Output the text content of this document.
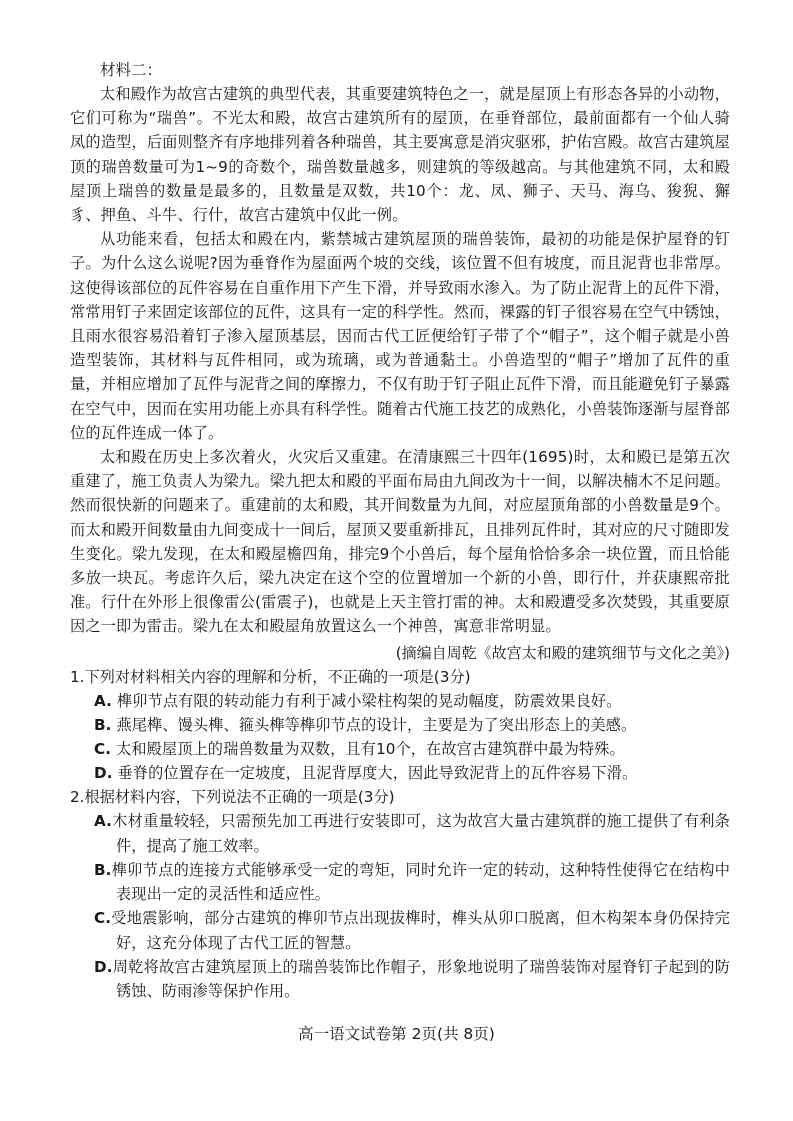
材料二：

太和殿作为故宫古建筑的典型代表，其重要建筑特色之一，就是屋顶上有形态各异的小动物，它们可称为“瑞兽”。不光太和殿，故宫古建筑所有的屋顶，在垂脊部位，最前面都有一个仙人骑凤的造型，后面则整齐有序地排列着各种瑞兽，其主要寓意是消灾驱邪，护佑宫殿。故宫古建筑屋顶的瑞兽数量可为1~9的奇数个，瑞兽数量越多，则建筑的等级越高。与其他建筑不同，太和殿屋顶上瑞兽的数量是最多的，且数量是双数，共10个：龙、凤、狮子、天马、海乌、狻猊、獬豸、押鱼、斗牛、行什，故宫古建筑中仅此一例。

从功能来看，包括太和殿在内，紫禁城古建筑屋顶的瑞兽装饰，最初的功能是保护屋脊的钉子。为什么这么说呢?因为垂脊作为屋面两个坡的交线，该位置不但有坡度，而且泥背也非常厚。这使得该部位的瓦件容易在自重作用下产生下滑，并导致雨水渗入。为了防止泥背上的瓦件下滑，常常用钉子来固定该部位的瓦件，这具有一定的科学性。然而，裸露的钉子很容易在空气中锈蚀，且雨水很容易沿着钉子渗入屋顶基层，因而古代工匠便给钉子带了个“帽子”，这个帽子就是小兽造型装饰，其材料与瓦件相同，或为琉璃，或为普通黏土。小兽造型的“帽子”增加了瓦件的重量，并相应增加了瓦件与泥背之间的摩擦力，不仅有助于钉子阻止瓦件下滑，而且能避免钉子暴露在空气中，因而在实用功能上亦具有科学性。随着古代施工技艺的成熟化，小兽装饰逐渐与屋脊部位的瓦件连成一体了。

太和殿在历史上多次着火，火灾后又重建。在清康熙三十四年(1695)时，太和殿已是第五次重建了，施工负责人为梁九。梁九把太和殿的平面布局由九间改为十一间，以解决楠木不足问题。然而很快新的问题来了。重建前的太和殿，其开间数量为九间，对应屋顶角部的小兽数量是9个。而太和殿开间数量由九间变成十一间后，屋顶又要重新排瓦，且排列瓦件时，其对应的尺寸随即发生变化。梁九发现，在太和殿屋檐四角，排完9个小兽后，每个屋角恰恰多余一块位置，而且恰能多放一块瓦。考虑许久后，梁九决定在这个空的位置增加一个新的小兽，即行什，并获康熙帝批准。行什在外形上很像雷公(雷震子)，也就是上天主管打雷的神。太和殿遭受多次焚毁，其重要原因之一即为雷击。梁九在太和殿屋角放置这么一个神兽，寓意非常明显。

(摘编自周乾《故宫太和殿的建筑细节与文化之美》)

1.下列对材料相关内容的理解和分析，不正确的一项是(3分)

A. 榫卯节点有限的转动能力有利于减小梁柱构架的晃动幅度，防震效果良好。

B. 燕尾榫、馒头榫、箍头榫等榫卯节点的设计，主要是为了突出形态上的美感。

C. 太和殿屋顶上的瑞兽数量为双数，且有10个，在故宫古建筑群中最为特殊。

D. 垂脊的位置存在一定坡度，且泥背厚度大，因此导致泥背上的瓦件容易下滑。

2.根据材料内容，下列说法不正确的一项是(3分)

A.木材重量较轻，只需预先加工再进行安装即可，这为故宫大量古建筑群的施工提供了有利条件，提高了施工效率。

B.榫卯节点的连接方式能够承受一定的弯矩，同时允许一定的转动，这种特性使得它在结构中表现出一定的灵活性和适应性。

C.受地震影响，部分古建筑的榫卯节点出现拔榫时，榫头从卯口脱离，但木构架本身仍保持完好，这充分体现了古代工匠的智慧。

D.周乾将故宫古建筑屋顶上的瑞兽装饰比作帽子，形象地说明了瑞兽装饰对屋脊钉子起到的防锈蚀、防雨渗等保护作用。

高一语文试卷第 2页(共 8页)
